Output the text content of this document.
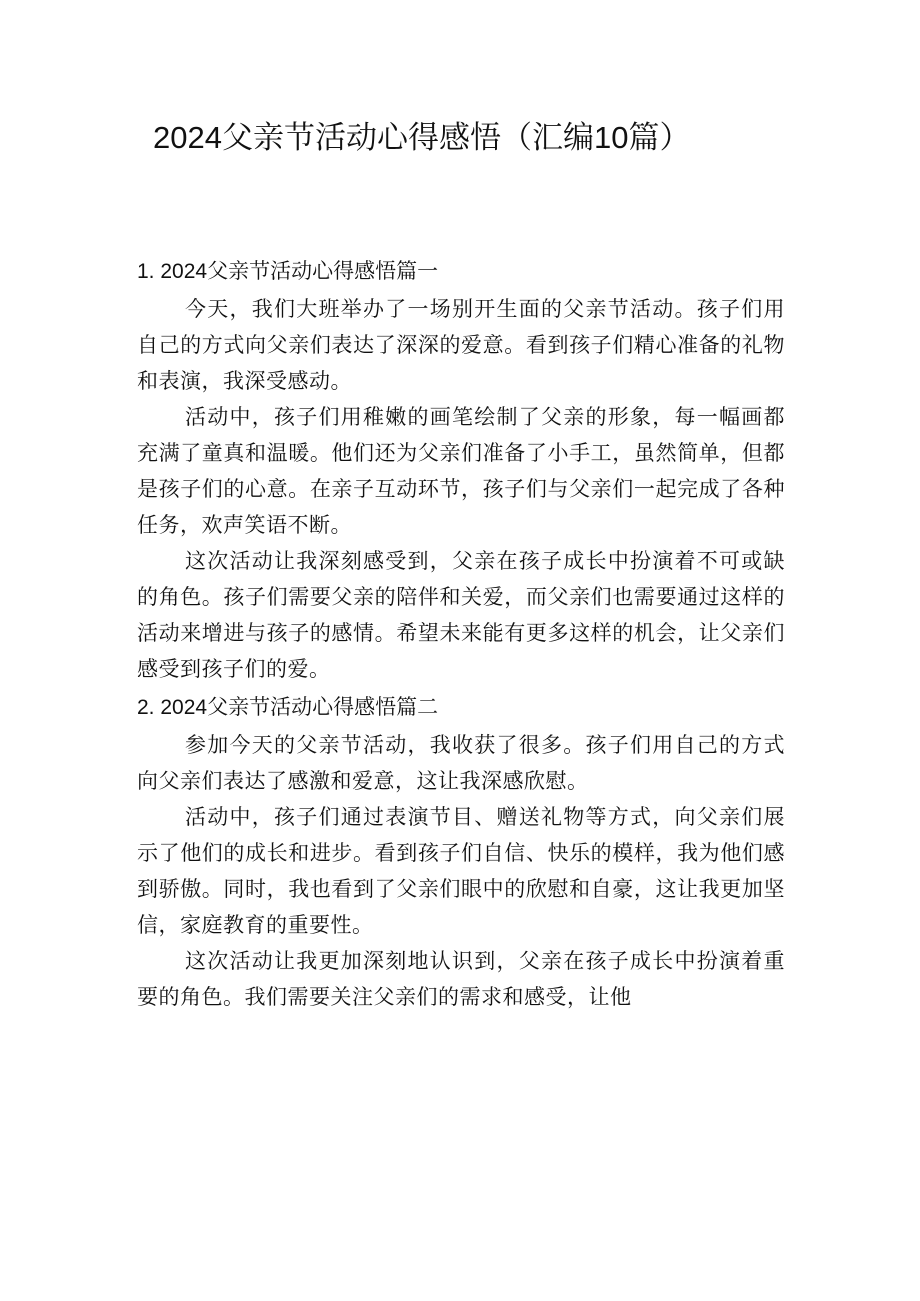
2024父亲节活动心得感悟（汇编10篇）
1. 2024父亲节活动心得感悟篇一

今天，我们大班举办了一场别开生面的父亲节活动。孩子们用自己的方式向父亲们表达了深深的爱意。看到孩子们精心准备的礼物和表演，我深受感动。

活动中，孩子们用稚嫩的画笔绘制了父亲的形象，每一幅画都充满了童真和温暖。他们还为父亲们准备了小手工，虽然简单，但都是孩子们的心意。在亲子互动环节，孩子们与父亲们一起完成了各种任务，欢声笑语不断。

这次活动让我深刻感受到，父亲在孩子成长中扮演着不可或缺的角色。孩子们需要父亲的陪伴和关爱，而父亲们也需要通过这样的活动来增进与孩子的感情。希望未来能有更多这样的机会，让父亲们感受到孩子们的爱。

2. 2024父亲节活动心得感悟篇二

参加今天的父亲节活动，我收获了很多。孩子们用自己的方式向父亲们表达了感激和爱意，这让我深感欣慰。

活动中，孩子们通过表演节目、赠送礼物等方式，向父亲们展示了他们的成长和进步。看到孩子们自信、快乐的模样，我为他们感到骄傲。同时，我也看到了父亲们眼中的欣慰和自豪，这让我更加坚信，家庭教育的重要性。

这次活动让我更加深刻地认识到，父亲在孩子成长中扮演着重要的角色。我们需要关注父亲们的需求和感受，让他
